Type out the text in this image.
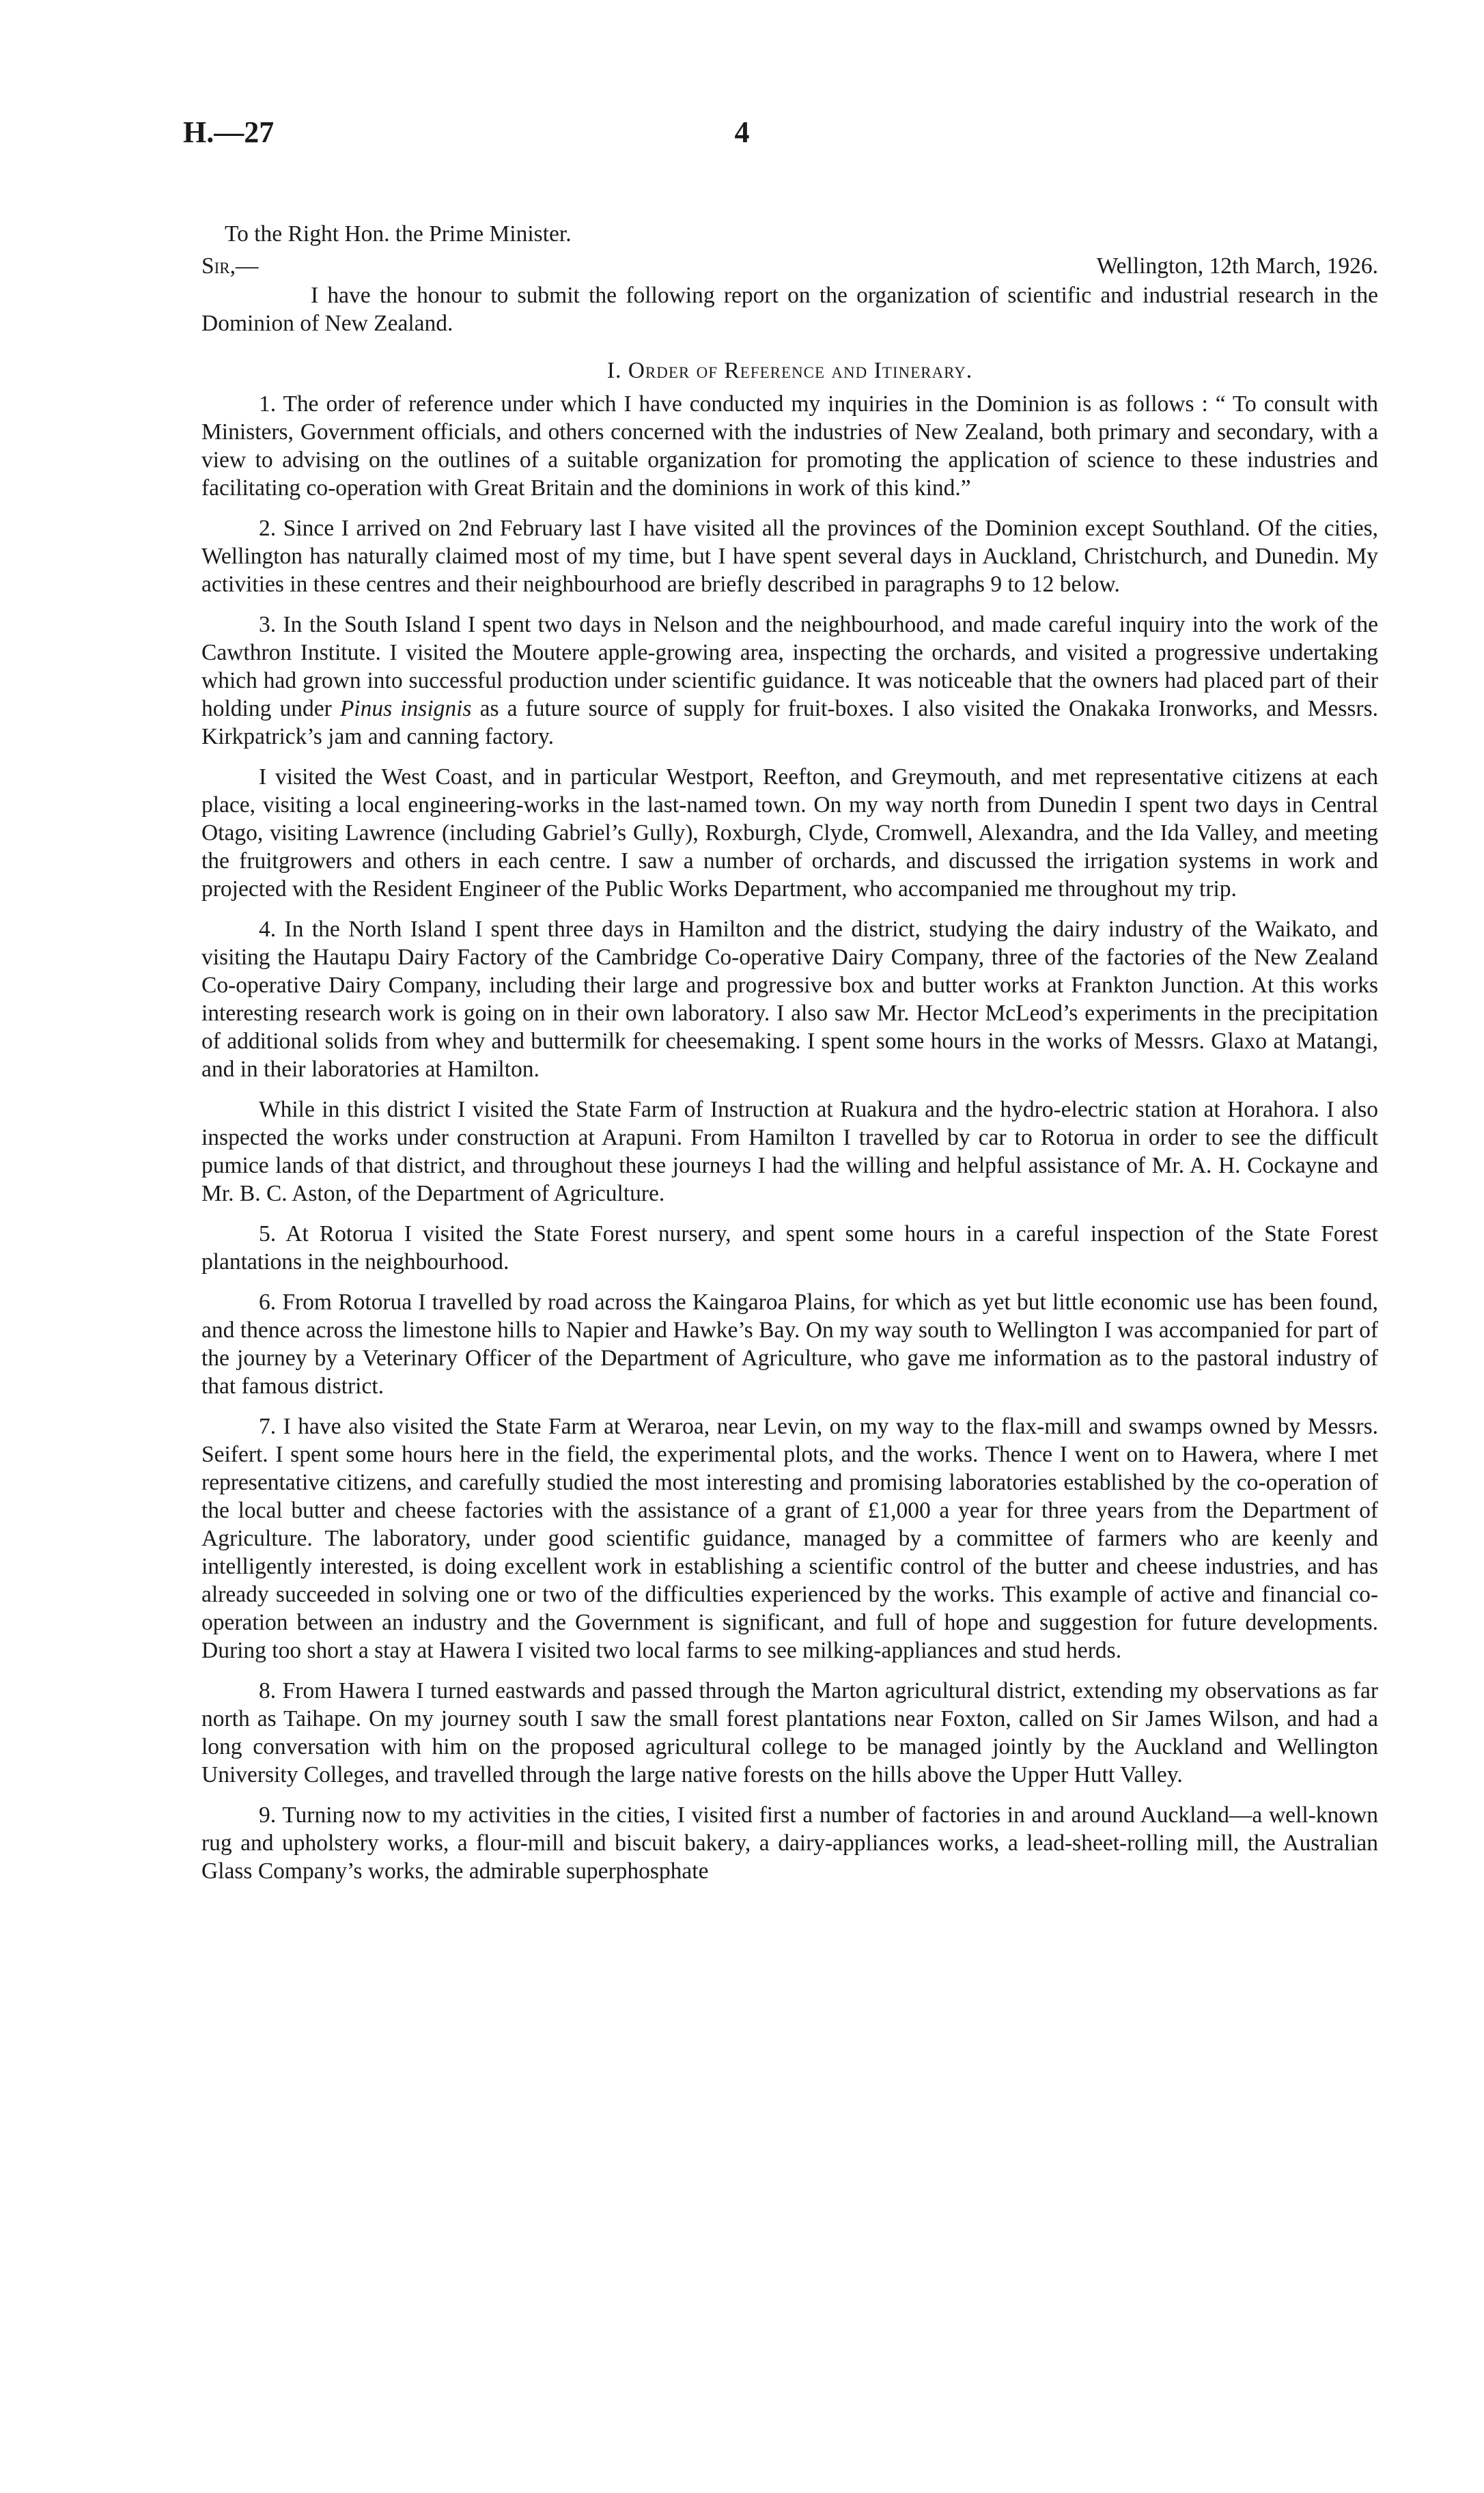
H.—27	4

To the Right Hon. the Prime Minister.

Sir,—	Wellington, 12th March, 1926.

I have the honour to submit the following report on the organization of scientific and industrial research in the Dominion of New Zealand.

I. Order of Reference and Itinerary.

1. The order of reference under which I have conducted my inquiries in the Dominion is as follows : “ To consult with Ministers, Government officials, and others concerned with the industries of New Zealand, both primary and secondary, with a view to advising on the outlines of a suitable organization for promoting the application of science to these industries and facilitating co-operation with Great Britain and the dominions in work of this kind.”

2. Since I arrived on 2nd February last I have visited all the provinces of the Dominion except Southland. Of the cities, Wellington has naturally claimed most of my time, but I have spent several days in Auckland, Christchurch, and Dunedin. My activities in these centres and their neighbourhood are briefly described in paragraphs 9 to 12 below.

3. In the South Island I spent two days in Nelson and the neighbourhood, and made careful inquiry into the work of the Cawthron Institute. I visited the Moutere apple-growing area, inspecting the orchards, and visited a progressive undertaking which had grown into successful production under scientific guidance. It was noticeable that the owners had placed part of their holding under Pinus insignis as a future source of supply for fruit-boxes. I also visited the Onakaka Ironworks, and Messrs. Kirkpatrick’s jam and canning factory.

I visited the West Coast, and in particular Westport, Reefton, and Greymouth, and met representative citizens at each place, visiting a local engineering-works in the last-named town. On my way north from Dunedin I spent two days in Central Otago, visiting Lawrence (including Gabriel’s Gully), Roxburgh, Clyde, Cromwell, Alexandra, and the Ida Valley, and meeting the fruitgrowers and others in each centre. I saw a number of orchards, and discussed the irrigation systems in work and projected with the Resident Engineer of the Public Works Department, who accompanied me throughout my trip.

4. In the North Island I spent three days in Hamilton and the district, studying the dairy industry of the Waikato, and visiting the Hautapu Dairy Factory of the Cambridge Co-operative Dairy Company, three of the factories of the New Zealand Co-operative Dairy Company, including their large and progressive box and butter works at Frankton Junction. At this works interesting research work is going on in their own laboratory. I also saw Mr. Hector McLeod’s experiments in the precipitation of additional solids from whey and buttermilk for cheesemaking. I spent some hours in the works of Messrs. Glaxo at Matangi, and in their laboratories at Hamilton.

While in this district I visited the State Farm of Instruction at Ruakura and the hydro-electric station at Horahora. I also inspected the works under construction at Arapuni. From Hamilton I travelled by car to Rotorua in order to see the difficult pumice lands of that district, and throughout these journeys I had the willing and helpful assistance of Mr. A. H. Cockayne and Mr. B. C. Aston, of the Department of Agriculture.

5. At Rotorua I visited the State Forest nursery, and spent some hours in a careful inspection of the State Forest plantations in the neighbourhood.

6. From Rotorua I travelled by road across the Kaingaroa Plains, for which as yet but little economic use has been found, and thence across the limestone hills to Napier and Hawke’s Bay. On my way south to Wellington I was accompanied for part of the journey by a Veterinary Officer of the Department of Agriculture, who gave me information as to the pastoral industry of that famous district.

7. I have also visited the State Farm at Weraroa, near Levin, on my way to the flax-mill and swamps owned by Messrs. Seifert. I spent some hours here in the field, the experimental plots, and the works. Thence I went on to Hawera, where I met representative citizens, and carefully studied the most interesting and promising laboratories established by the co-operation of the local butter and cheese factories with the assistance of a grant of £1,000 a year for three years from the Department of Agriculture. The laboratory, under good scientific guidance, managed by a committee of farmers who are keenly and intelligently interested, is doing excellent work in establishing a scientific control of the butter and cheese industries, and has already succeeded in solving one or two of the difficulties experienced by the works. This example of active and financial co-operation between an industry and the Government is significant, and full of hope and suggestion for future developments. During too short a stay at Hawera I visited two local farms to see milking-appliances and stud herds.

8. From Hawera I turned eastwards and passed through the Marton agricultural district, extending my observations as far north as Taihape. On my journey south I saw the small forest plantations near Foxton, called on Sir James Wilson, and had a long conversation with him on the proposed agricultural college to be managed jointly by the Auckland and Wellington University Colleges, and travelled through the large native forests on the hills above the Upper Hutt Valley.

9. Turning now to my activities in the cities, I visited first a number of factories in and around Auckland—a well-known rug and upholstery works, a flour-mill and biscuit bakery, a dairy-appliances works, a lead-sheet-rolling mill, the Australian Glass Company’s works, the admirable superphosphate
